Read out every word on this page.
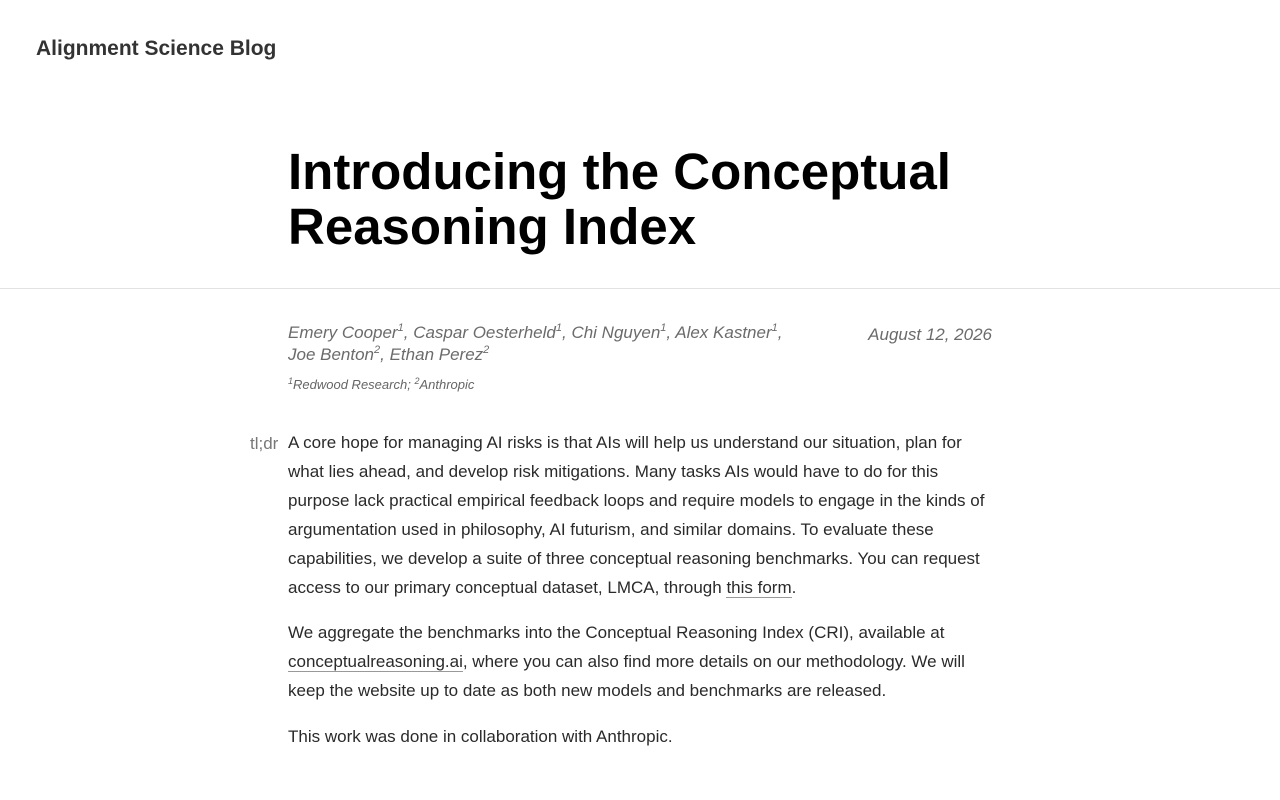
Alignment Science Blog
Introducing the Conceptual Reasoning Index
Emery Cooper$^1$, Caspar Oesterheld$^1$, Chi Nguyen$^1$, Alex Kastner$^1$,
Joe Benton$^2$, Ethan Perez$^2$
August 12, 2026
$^1$Redwood Research; $^2$Anthropic
tl;dr A core hope for managing AI risks is that AIs will help us understand our situation, plan for what lies ahead, and develop risk mitigations. Many tasks AIs would have to do for this purpose lack practical empirical feedback loops and require models to engage in the kinds of argumentation used in philosophy, AI futurism, and similar domains. To evaluate these capabilities, we develop a suite of three conceptual reasoning benchmarks. You can request access to our primary conceptual dataset, LMCA, through this form.

We aggregate the benchmarks into the Conceptual Reasoning Index (CRI), available at conceptualreasoning.ai, where you can also find more details on our methodology. We will keep the website up to date as both new models and benchmarks are released.

This work was done in collaboration with Anthropic.
